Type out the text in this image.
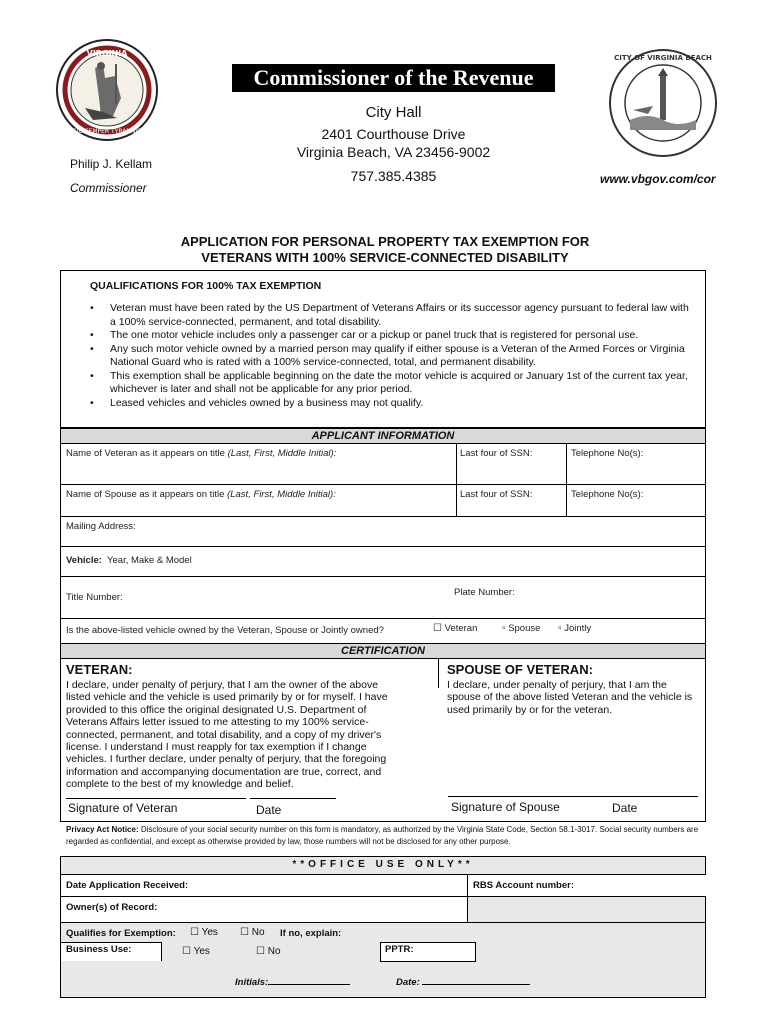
VIRGINIA
SIC SEMPER TYRANNIS
CITY OF VIRGINIA BEACH
Commissioner of the Revenue
City Hall
2401 Courthouse Drive
Virginia Beach, VA 23456-9002
757.385.4385
Philip J. Kellam
Commissioner
www.vbgov.com/cor
APPLICATION FOR PERSONAL PROPERTY TAX EXEMPTION FOR
VETERANS WITH 100% SERVICE-CONNECTED DISABILITY
QUALIFICATIONS FOR 100% TAX EXEMPTION
• Veteran must have been rated by the US Department of Veterans Affairs or its successor agency pursuant to federal law with a 100% service-connected, permanent, and total disability.
• The one motor vehicle includes only a passenger car or a pickup or panel truck that is registered for personal use.
• Any such motor vehicle owned by a married person may qualify if either spouse is a Veteran of the Armed Forces or Virginia National Guard who is rated with a 100% service-connected, total, and permanent disability.
• This exemption shall be applicable beginning on the date the motor vehicle is acquired or January 1st of the current tax year, whichever is later and shall not be applicable for any prior period.
• Leased vehicles and vehicles owned by a business may not qualify.
APPLICANT INFORMATION
Name of Veteran as it appears on title (Last, First, Middle Initial):	Last four of SSN:	Telephone No(s):
Name of Spouse as it appears on title (Last, First, Middle Initial):	Last four of SSN:	Telephone No(s):
Mailing Address:
Vehicle: Year, Make & Model
Title Number:	Plate Number:
Is the above-listed vehicle owned by the Veteran, Spouse or Jointly owned?	☐ Veteran ▫ Spouse ▫ Jointly
CERTIFICATION
VETERAN:
I declare, under penalty of perjury, that I am the owner of the above listed vehicle and the vehicle is used primarily by or for myself. I have provided to this office the original designated U.S. Department of Veterans Affairs letter issued to me attesting to my 100% service-connected, permanent, and total disability, and a copy of my driver's license. I understand I must reapply for tax exemption if I change vehicles. I further declare, under penalty of perjury, that the foregoing information and accompanying documentation are true, correct, and complete to the best of my knowledge and belief.
SPOUSE OF VETERAN:
I declare, under penalty of perjury, that I am the spouse of the above listed Veteran and the vehicle is used primarily by or for the veteran.
Signature of Veteran	Date	Signature of Spouse	Date
Privacy Act Notice: Disclosure of your social security number on this form is mandatory, as authorized by the Virginia State Code, Section 58.1-3017. Social security numbers are regarded as confidential, and except as otherwise provided by law, those numbers will not be disclosed for any other purpose.
**OFFICE USE ONLY**
Date Application Received:	RBS Account number:
Owner(s) of Record:
Qualifies for Exemption: ☐ Yes ☐ No If no, explain:
Business Use:	☐ Yes	☐ No	PPTR:
Initials:	Date:
